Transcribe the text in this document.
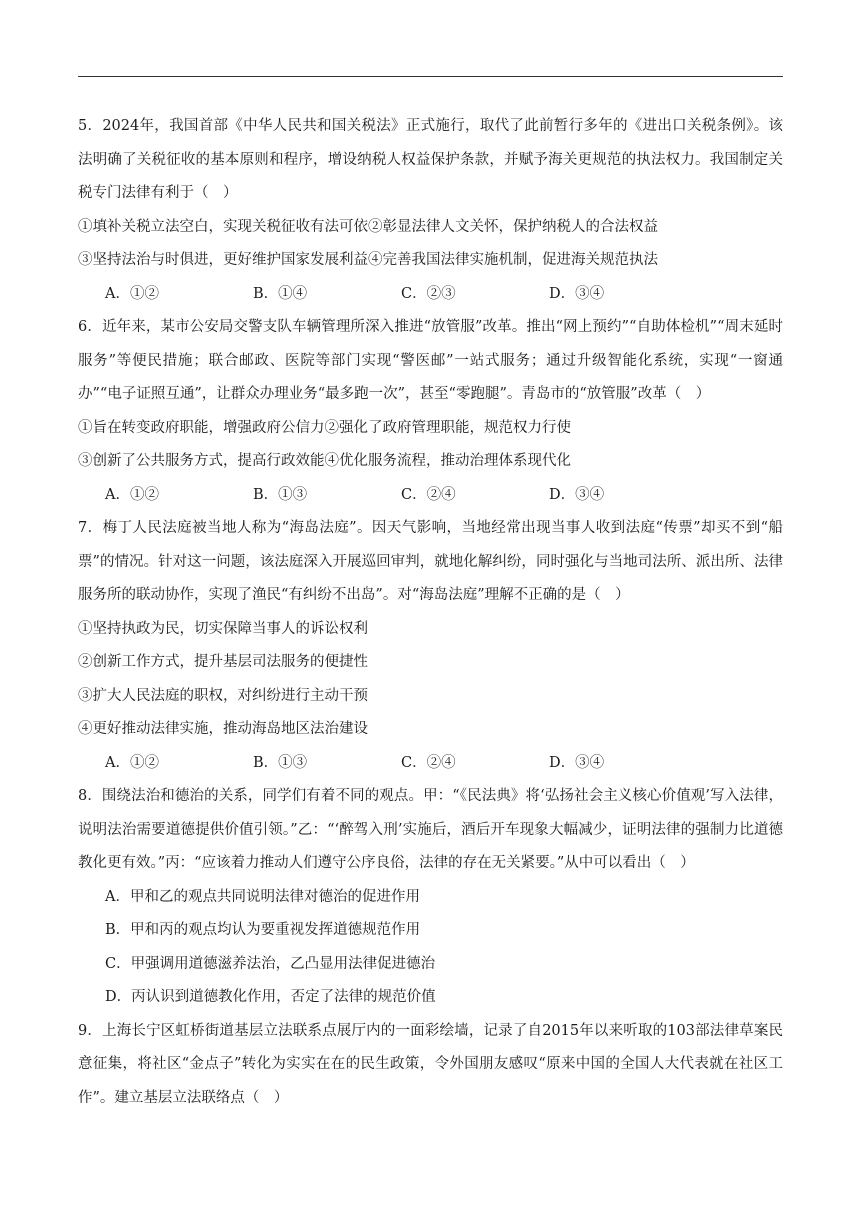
5．2024年，我国首部《中华人民共和国关税法》正式施行，取代了此前暂行多年的《进出口关税条例》。该法明确了关税征收的基本原则和程序，增设纳税人权益保护条款，并赋予海关更规范的执法权力。我国制定关税专门法律有利于（　）
①填补关税立法空白，实现关税征收有法可依②彰显法律人文关怀，保护纳税人的合法权益
③坚持法治与时俱进，更好维护国家发展利益④完善我国法律实施机制，促进海关规范执法
A．①②	B．①④	C．②③	D．③④
6．近年来，某市公安局交警支队车辆管理所深入推进“放管服”改革。推出“网上预约”“自助体检机”“周末延时服务”等便民措施；联合邮政、医院等部门实现“警医邮”一站式服务；通过升级智能化系统，实现“一窗通办”“电子证照互通”，让群众办理业务“最多跑一次”，甚至“零跑腿”。青岛市的“放管服”改革（　）
①旨在转变政府职能，增强政府公信力②强化了政府管理职能，规范权力行使
③创新了公共服务方式，提高行政效能④优化服务流程，推动治理体系现代化
A．①②	B．①③	C．②④	D．③④
7．梅丁人民法庭被当地人称为“海岛法庭”。因天气影响，当地经常出现当事人收到法庭“传票”却买不到“船票”的情况。针对这一问题，该法庭深入开展巡回审判，就地化解纠纷，同时强化与当地司法所、派出所、法律服务所的联动协作，实现了渔民“有纠纷不出岛”。对“海岛法庭”理解不正确的是（　）
①坚持执政为民，切实保障当事人的诉讼权利
②创新工作方式，提升基层司法服务的便捷性
③扩大人民法庭的职权，对纠纷进行主动干预
④更好推动法律实施，推动海岛地区法治建设
A．①②	B．①③	C．②④	D．③④
8．围绕法治和德治的关系，同学们有着不同的观点。甲：“《民法典》将‘弘扬社会主义核心价值观’写入法律，说明法治需要道德提供价值引领。”乙：“‘醉驾入刑’实施后，酒后开车现象大幅减少，证明法律的强制力比道德教化更有效。”丙：“应该着力推动人们遵守公序良俗，法律的存在无关紧要。”从中可以看出（　）
A．甲和乙的观点共同说明法律对德治的促进作用
B．甲和丙的观点均认为要重视发挥道德规范作用
C．甲强调用道德滋养法治，乙凸显用法律促进德治
D．丙认识到道德教化作用，否定了法律的规范价值
9．上海长宁区虹桥街道基层立法联系点展厅内的一面彩绘墙，记录了自2015年以来听取的103部法律草案民意征集，将社区“金点子”转化为实实在在的民生政策，令外国朋友感叹“原来中国的全国人大代表就在社区工作”。建立基层立法联络点（　）
